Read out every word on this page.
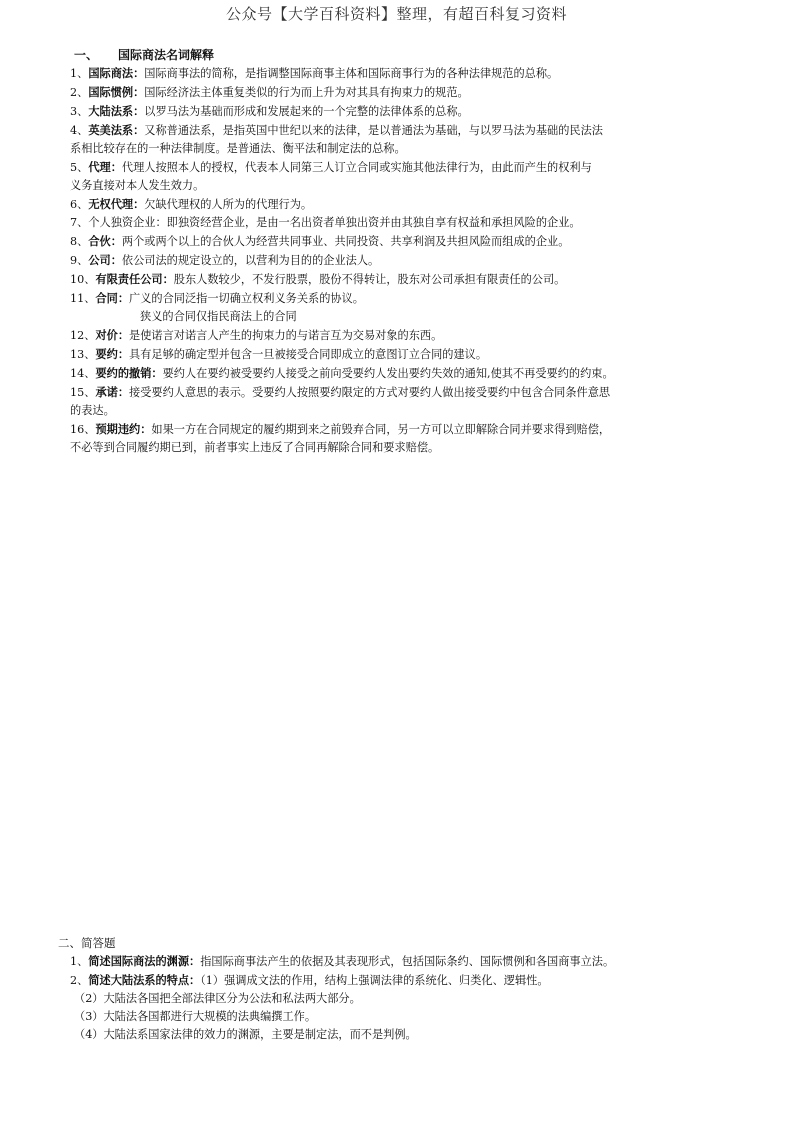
公众号【大学百科资料】整理，有超百科复习资料
一、 国际商法名词解释
1、国际商法：国际商事法的简称，是指调整国际商事主体和国际商事行为的各种法律规范的总称。
2、国际惯例：国际经济法主体重复类似的行为而上升为对其具有拘束力的规范。
3、大陆法系：以罗马法为基础而形成和发展起来的一个完整的法律体系的总称。
4、英美法系：又称普通法系，是指英国中世纪以来的法律，是以普通法为基础，与以罗马法为基础的民法法
系相比较存在的一种法律制度。是普通法、衡平法和制定法的总称。
5、代理：代理人按照本人的授权，代表本人同第三人订立合同或实施其他法律行为，由此而产生的权利与
义务直接对本人发生效力。
6、无权代理：欠缺代理权的人所为的代理行为。
7、个人独资企业：即独资经营企业，是由一名出资者单独出资并由其独自享有权益和承担风险的企业。
8、合伙：两个或两个以上的合伙人为经营共同事业、共同投资、共享利润及共担风险而组成的企业。
9、公司：依公司法的规定设立的，以营利为目的的企业法人。
10、有限责任公司：股东人数较少，不发行股票，股份不得转让，股东对公司承担有限责任的公司。
11、合同：广义的合同泛指一切确立权利义务关系的协议。
狭义的合同仅指民商法上的合同
12、对价：是使诺言对诺言人产生的拘束力的与诺言互为交易对象的东西。
13、要约：具有足够的确定型并包含一旦被接受合同即成立的意图订立合同的建议。
14、要约的撤销：要约人在要约被受要约人接受之前向受要约人发出要约失效的通知,使其不再受要约的约束。
15、承诺：接受要约人意思的表示。受要约人按照要约限定的方式对要约人做出接受要约中包含合同条件意思
的表达。
16、预期违约：如果一方在合同规定的履约期到来之前毁弃合同，另一方可以立即解除合同并要求得到赔偿，
不必等到合同履约期已到，前者事实上违反了合同再解除合同和要求赔偿。
二、简答题
1、简述国际商法的渊源：指国际商事法产生的依据及其表现形式，包括国际条约、国际惯例和各国商事立法。
2、简述大陆法系的特点：（1）强调成文法的作用，结构上强调法律的系统化、归类化、逻辑性。
（2）大陆法各国把全部法律区分为公法和私法两大部分。
（3）大陆法各国都进行大规模的法典编撰工作。
（4）大陆法系国家法律的效力的渊源，主要是制定法，而不是判例。
